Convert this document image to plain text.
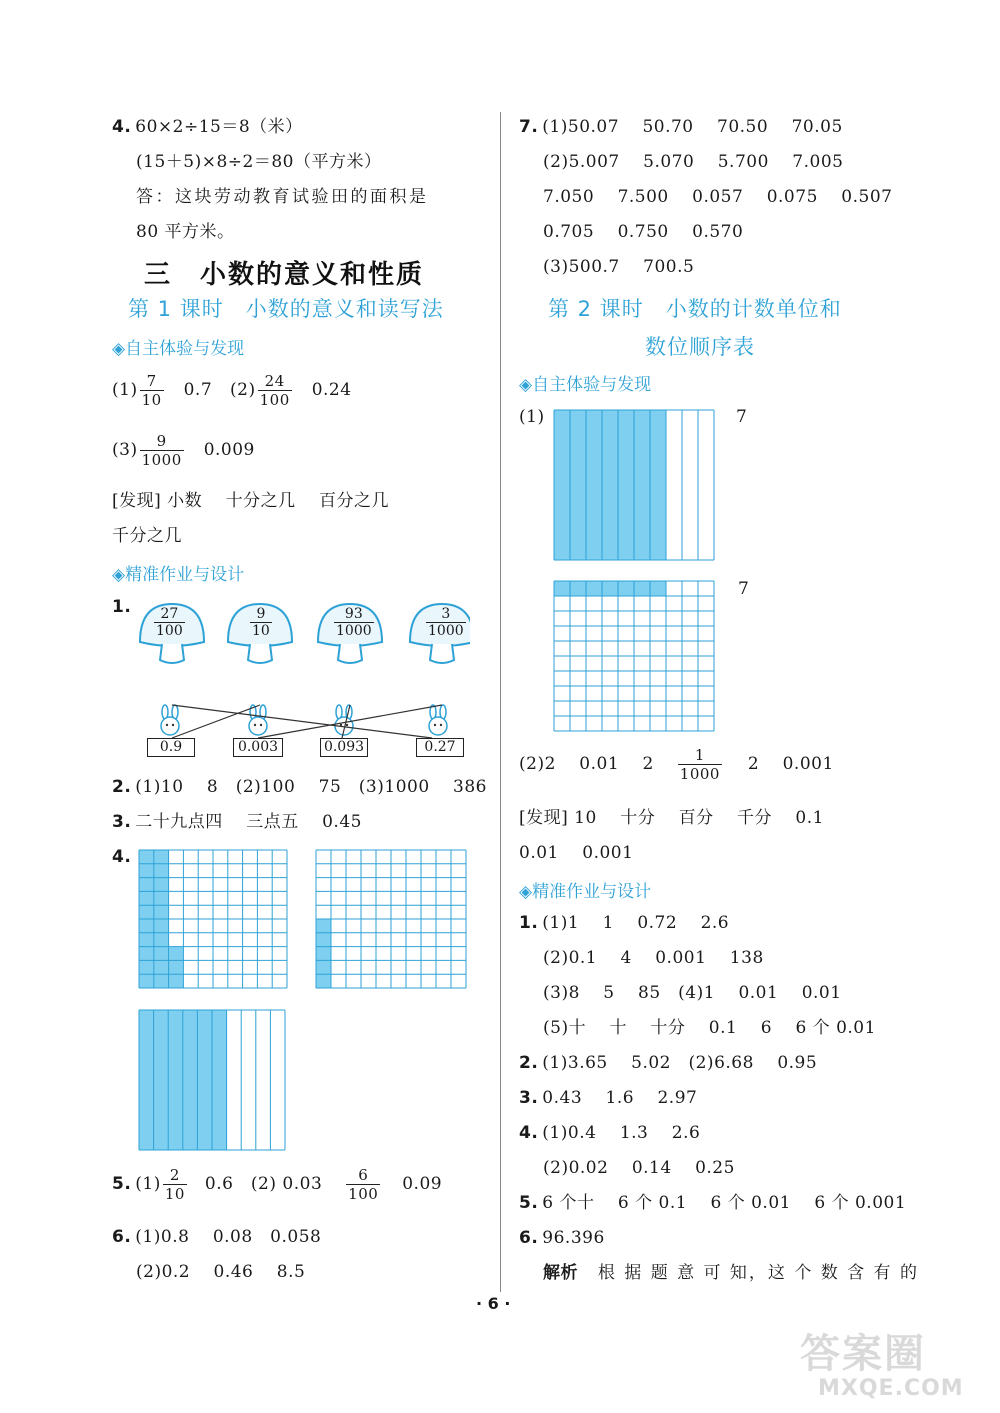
4. 60×2÷15＝8（米）
(15＋5)×8÷2＝80（平方米）
答：这块劳动教育试验田的面积是
80 平方米。
三　小数的意义和性质
第 1 课时　小数的意义和读写法
◈自主体验与发现
$(1) \frac{7}{10} 0.7$ $(2) \frac{24}{100} 0.24$
$(3) \frac{9}{1000} 0.009$
[发现] 小数　 十分之几　 百分之几
千分之几
◈精准作业与设计
1. $\frac{27}{100}$	$\frac{9}{10}$	$\frac{93}{1000}$	$\frac{3}{1000}$
0.9	0.003	0.093	0.27
2. (1)10　 8　(2)100　 75　(3)1000　 386
3. 二十九点四　 三点五　 0.45
4.
5. $(1) \frac{2}{10} 0.6$　(2) $0.03 \frac{6}{100} 0.09$
6. (1)0.8　 0.08　0.058
(2)0.2　 0.46　 8.5
7. (1)50.07　 50.70　 70.50　 70.05
(2)5.007　 5.070　 5.700　 7.005
7.050　 7.500　 0.057　 0.075　 0.507
0.705　 0.750　 0.570
(3)500.7　 700.5
第 2 课时　小数的计数单位和
数位顺序表
◈自主体验与发现
(1)	7
7
(2)2　 0.01　 $2 \frac{1}{1000} 2$　 0.001
[发现] 10　 十分　 百分　 千分　 0.1
0.01　 0.001
◈精准作业与设计
1. (1)1　 1　 0.72　 2.6
(2)0.1　 4　 0.001　 138
(3)8　 5　 85　(4)1　 0.01　 0.01
(5)十　 十　 十分　 0.1　 6　 6 个 0.01
2. (1)3.65　 5.02　(2)6.68　 0.95
3. 0.43　 1.6　 2.97
4. (1)0.4　 1.3　 2.6
(2)0.02　 0.14　 0.25
5. 6 个十　 6 个 0.1　 6 个 0.01　 6 个 0.001
6. 96.396
解析 根 据 题 意 可 知，这 个 数 含 有 的
· 6 ·
答案圈
MXQE.COM
